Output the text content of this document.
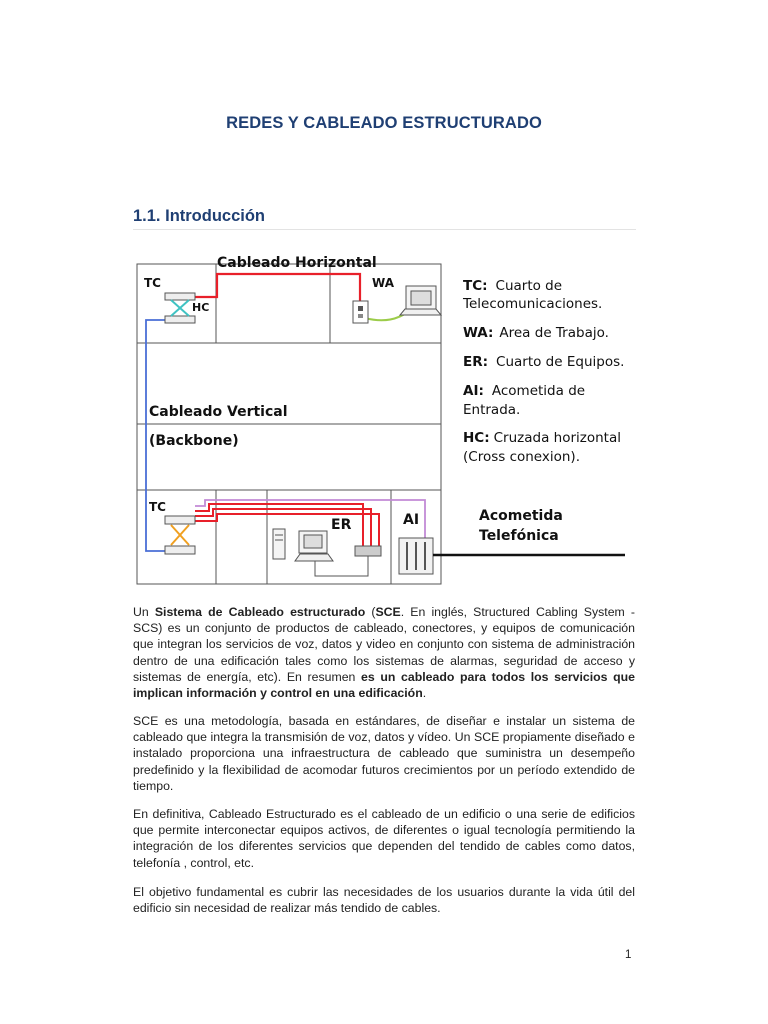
REDES Y CABLEADO ESTRUCTURADO
1.1. Introducción
Cableado Horizontal
TC
HC
WA
Cableado Vertical
(Backbone)
TC
ER	AI	Acometida
Telefónica
TC: Cuarto de
Telecomunicaciones.
WA: Area de Trabajo.
ER: Cuarto de Equipos.
AI: Acometida de
Entrada.
HC: Cruzada horizontal
(Cross conexion).

Un Sistema de Cableado estructurado (SCE. En inglés, Structured Cabling System - SCS) es un conjunto de productos de cableado, conectores, y equipos de comunicación que integran los servicios de voz, datos y video en conjunto con sistema de administración dentro de una edificación tales como los sistemas de alarmas, seguridad de acceso y sistemas de energía, etc). En resumen es un cableado para todos los servicios que implican información y control en una edificación.

SCE es una metodología, basada en estándares, de diseñar e instalar un sistema de cableado que integra la transmisión de voz, datos y vídeo. Un SCE propiamente diseñado e instalado proporciona una infraestructura de cableado que suministra un desempeño predefinido y la flexibilidad de acomodar futuros crecimientos por un período extendido de tiempo.

En definitiva, Cableado Estructurado es el cableado de un edificio o una serie de edificios que permite interconectar equipos activos, de diferentes o igual tecnología permitiendo la integración de los diferentes servicios que dependen del tendido de cables como datos, telefonía , control, etc.

El objetivo fundamental es cubrir las necesidades de los usuarios durante la vida útil del edificio sin necesidad de realizar más tendido de cables.

1
